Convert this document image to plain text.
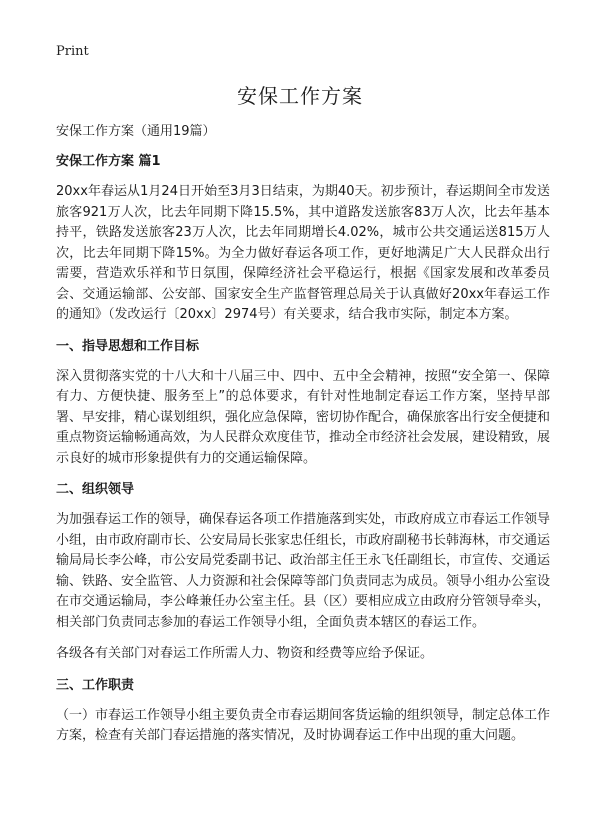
Print
安保工作方案

安保工作方案（通用19篇）

安保工作方案 篇1

20xx年春运从1月24日开始至3月3日结束，为期40天。初步预计，春运期间全市发送旅客921万人次，比去年同期下降15.5%，其中道路发送旅客83万人次，比去年基本持平，铁路发送旅客23万人次，比去年同期增长4.02%，城市公共交通运送815万人次，比去年同期下降15%。为全力做好春运各项工作，更好地满足广大人民群众出行需要，营造欢乐祥和节日氛围，保障经济社会平稳运行，根据《国家发展和改革委员会、交通运输部、公安部、国家安全生产监督管理总局关于认真做好20xx年春运工作的通知》（发改运行〔20xx〕2974号）有关要求，结合我市实际，制定本方案。

一、指导思想和工作目标

深入贯彻落实党的十八大和十八届三中、四中、五中全会精神，按照“安全第一、保障有力、方便快捷、服务至上”的总体要求，有针对性地制定春运工作方案，坚持早部署、早安排，精心谋划组织，强化应急保障，密切协作配合，确保旅客出行安全便捷和重点物资运输畅通高效，为人民群众欢度佳节，推动全市经济社会发展，建设精致，展示良好的城市形象提供有力的交通运输保障。

二、组织领导

为加强春运工作的领导，确保春运各项工作措施落到实处，市政府成立市春运工作领导小组，由市政府副市长、公安局局长张家忠任组长，市政府副秘书长韩海林，市交通运输局局长李公峰，市公安局党委副书记、政治部主任王永飞任副组长，市宣传、交通运输、铁路、安全监管、人力资源和社会保障等部门负责同志为成员。领导小组办公室设在市交通运输局，李公峰兼任办公室主任。县（区）要相应成立由政府分管领导牵头，相关部门负责同志参加的春运工作领导小组，全面负责本辖区的春运工作。

各级各有关部门对春运工作所需人力、物资和经费等应给予保证。

三、工作职责

（一）市春运工作领导小组主要负责全市春运期间客货运输的组织领导，制定总体工作方案，检查有关部门春运措施的落实情况，及时协调春运工作中出现的重大问题。
